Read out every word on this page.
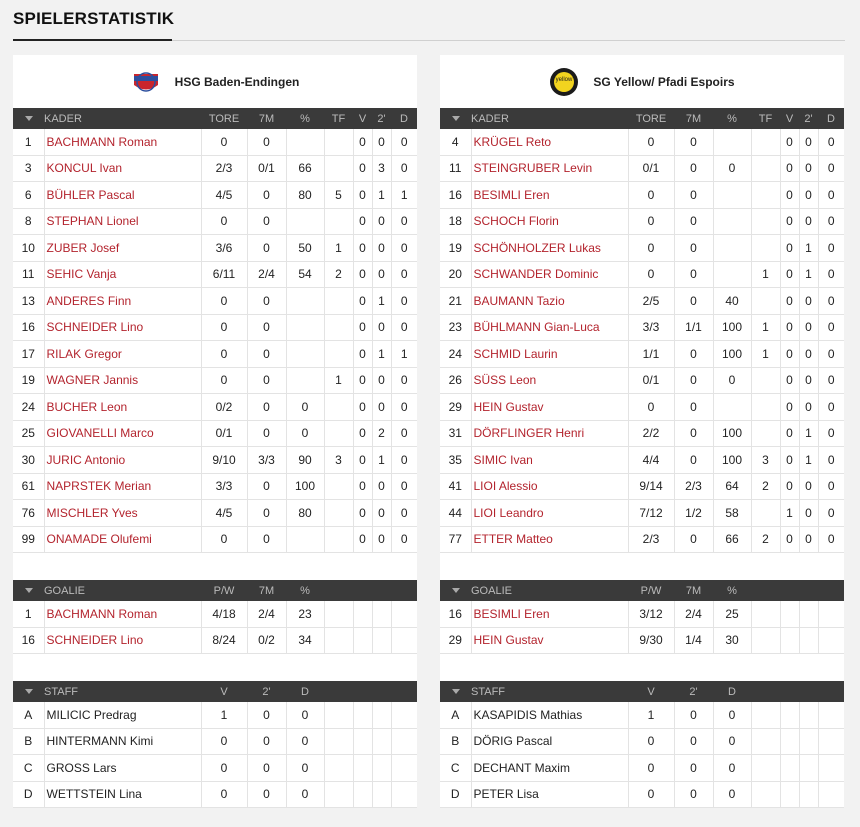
SPIELERSTATISTIK
HSG Baden-Endingen
	KADER	TORE	7M	%	TF	V	2'	D
1	BACHMANN Roman	0	0			0	0	0
3	KONCUL Ivan	2/3	0/1	66		0	3	0
6	BÜHLER Pascal	4/5	0	80	5	0	1	1
8	STEPHAN Lionel	0	0			0	0	0
10	ZUBER Josef	3/6	0	50	1	0	0	0
11	SEHIC Vanja	6/11	2/4	54	2	0	0	0
13	ANDERES Finn	0	0			0	1	0
16	SCHNEIDER Lino	0	0			0	0	0
17	RILAK Gregor	0	0			0	1	1
19	WAGNER Jannis	0	0		1	0	0	0
24	BUCHER Leon	0/2	0	0		0	0	0
25	GIOVANELLI Marco	0/1	0	0		0	2	0
30	JURIC Antonio	9/10	3/3	90	3	0	1	0
61	NAPRSTEK Merian	3/3	0	100		0	0	0
76	MISCHLER Yves	4/5	0	80		0	0	0
99	ONAMADE Olufemi	0	0			0	0	0
	GOALIE	P/W	7M	%				
1	BACHMANN Roman	4/18	2/4	23				
16	SCHNEIDER Lino	8/24	0/2	34				
	STAFF	V	2'	D				
A	MILICIC Predrag	1	0	0				
B	HINTERMANN Kimi	0	0	0				
C	GROSS Lars	0	0	0				
D	WETTSTEIN Lina	0	0	0				
yellow SG Yellow/ Pfadi Espoirs
	KADER	TORE	7M	%	TF	V	2'	D
4	KRÜGEL Reto	0	0			0	0	0
11	STEINGRUBER Levin	0/1	0	0		0	0	0
16	BESIMLI Eren	0	0			0	0	0
18	SCHOCH Florin	0	0			0	0	0
19	SCHÖNHOLZER Lukas	0	0			0	1	0
20	SCHWANDER Dominic	0	0		1	0	1	0
21	BAUMANN Tazio	2/5	0	40		0	0	0
23	BÜHLMANN Gian-Luca	3/3	1/1	100	1	0	0	0
24	SCHMID Laurin	1/1	0	100	1	0	0	0
26	SÜSS Leon	0/1	0	0		0	0	0
29	HEIN Gustav	0	0			0	0	0
31	DÖRFLINGER Henri	2/2	0	100		0	1	0
35	SIMIC Ivan	4/4	0	100	3	0	1	0
41	LIOI Alessio	9/14	2/3	64	2	0	0	0
44	LIOI Leandro	7/12	1/2	58		1	0	0
77	ETTER Matteo	2/3	0	66	2	0	0	0
	GOALIE	P/W	7M	%				
16	BESIMLI Eren	3/12	2/4	25				
29	HEIN Gustav	9/30	1/4	30				
	STAFF	V	2'	D				
A	KASAPIDIS Mathias	1	0	0				
B	DÖRIG Pascal	0	0	0				
C	DECHANT Maxim	0	0	0				
D	PETER Lisa	0	0	0				
